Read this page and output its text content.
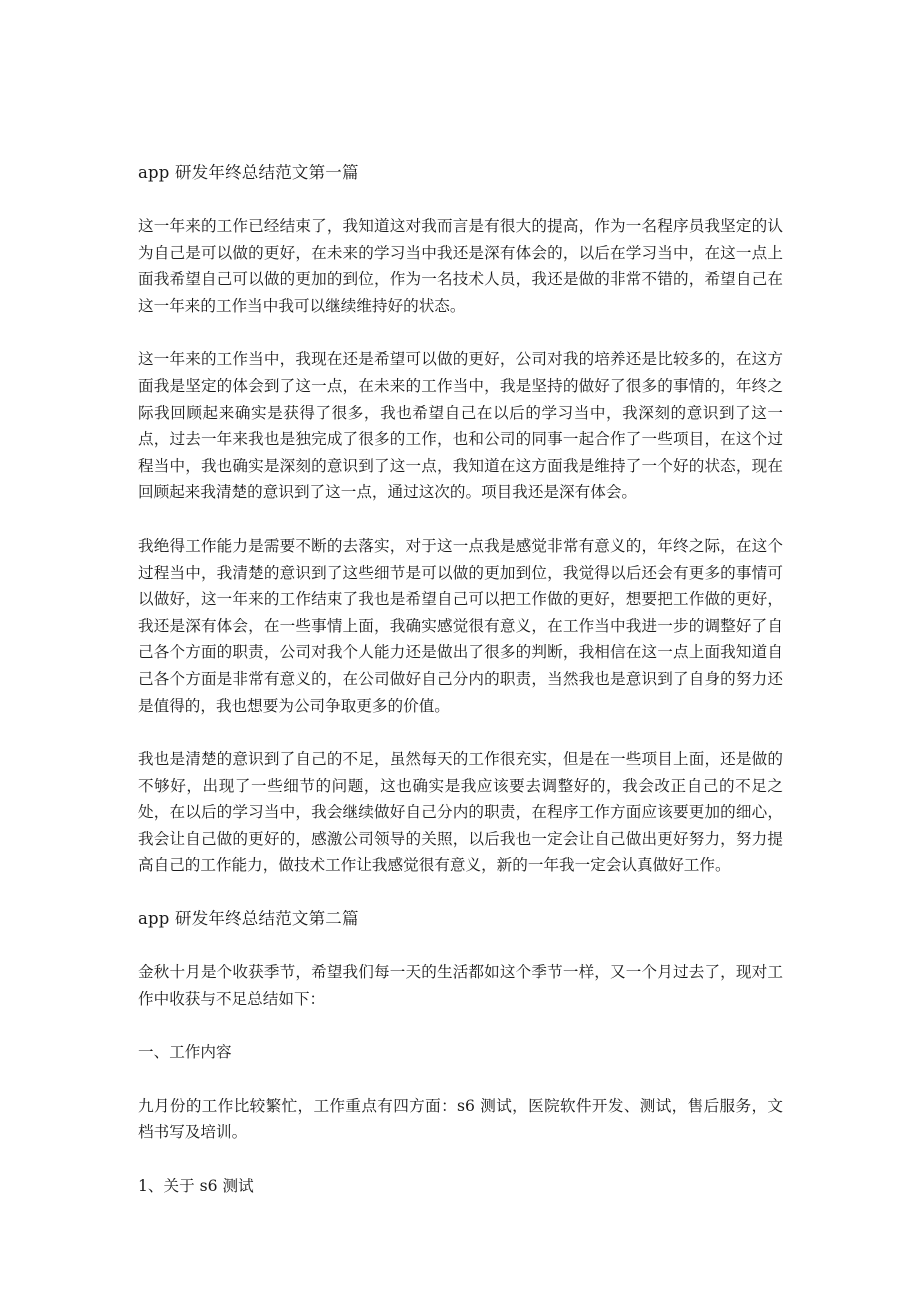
app 研发年终总结范文第一篇
这一年来的工作已经结束了，我知道这对我而言是有很大的提高，作为一名程序员我坚定的认为自己是可以做的更好，在未来的学习当中我还是深有体会的，以后在学习当中，在这一点上面我希望自己可以做的更加的到位，作为一名技术人员，我还是做的非常不错的，希望自己在这一年来的工作当中我可以继续维持好的状态。
这一年来的工作当中，我现在还是希望可以做的更好，公司对我的培养还是比较多的，在这方面我是坚定的体会到了这一点，在未来的工作当中，我是坚持的做好了很多的事情的，年终之际我回顾起来确实是获得了很多，我也希望自己在以后的学习当中，我深刻的意识到了这一点，过去一年来我也是独完成了很多的工作，也和公司的同事一起合作了一些项目，在这个过程当中，我也确实是深刻的意识到了这一点，我知道在这方面我是维持了一个好的状态，现在回顾起来我清楚的意识到了这一点，通过这次的。项目我还是深有体会。
我绝得工作能力是需要不断的去落实，对于这一点我是感觉非常有意义的，年终之际，在这个过程当中，我清楚的意识到了这些细节是可以做的更加到位，我觉得以后还会有更多的事情可以做好，这一年来的工作结束了我也是希望自己可以把工作做的更好，想要把工作做的更好，我还是深有体会，在一些事情上面，我确实感觉很有意义，在工作当中我进一步的调整好了自己各个方面的职责，公司对我个人能力还是做出了很多的判断，我相信在这一点上面我知道自己各个方面是非常有意义的，在公司做好自己分内的职责，当然我也是意识到了自身的努力还是值得的，我也想要为公司争取更多的价值。
我也是清楚的意识到了自己的不足，虽然每天的工作很充实，但是在一些项目上面，还是做的不够好，出现了一些细节的问题，这也确实是我应该要去调整好的，我会改正自己的不足之处，在以后的学习当中，我会继续做好自己分内的职责，在程序工作方面应该要更加的细心，我会让自己做的更好的，感激公司领导的关照，以后我也一定会让自己做出更好努力，努力提高自己的工作能力，做技术工作让我感觉很有意义，新的一年我一定会认真做好工作。
app 研发年终总结范文第二篇
金秋十月是个收获季节，希望我们每一天的生活都如这个季节一样，又一个月过去了，现对工作中收获与不足总结如下：
一、工作内容
九月份的工作比较繁忙，工作重点有四方面：s6 测试，医院软件开发、测试，售后服务，文档书写及培训。
1、关于 s6 测试
